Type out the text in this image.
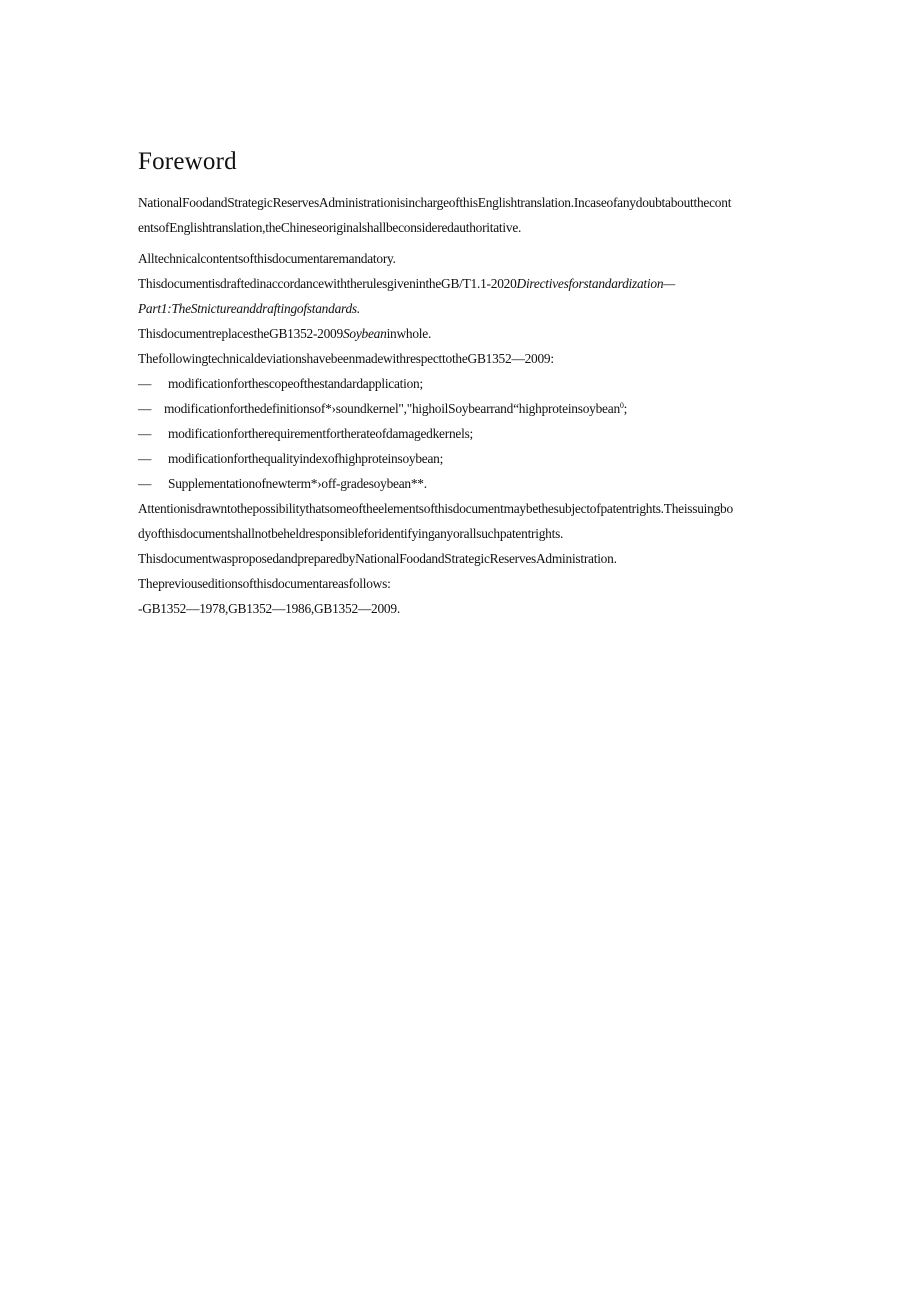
Foreword

NationalFoodandStrategicReservesAdministrationisinchargeofthisEnglishtranslation.Incaseofanydoubtaboutthecont

entsofEnglishtranslation,theChineseoriginalshallbeconsideredauthoritative.

Alltechnicalcontentsofthisdocumentaremandatory.

ThisdocumentisdraftedinaccordancewiththerulesgivenintheGB/T1.1-2020Directivesforstandardization—

Part1:TheStnictureanddraftingofstandards.

ThisdocumentreplacestheGB1352-2009Soybeaninwhole.

ThefollowingtechnicaldeviationshavebeenmadewithrespecttotheGB1352—2009:

— modificationforthescopeofthestandardapplication;

— modificationforthedefinitionsof*›soundkernel","highoilSoybearrand“highproteinsoybean$^0$;

— modificationfortherequirementfortherateofdamagedkernels;

— modificationforthequalityindexofhighproteinsoybean;

— Supplementationofnewterm*›off-gradesoybean**.

Attentionisdrawntothepossibilitythatsomeoftheelementsofthisdocumentmaybethesubjectofpatentrights.Theissuingbo

dyofthisdocumentshallnotbeheldresponsibleforidentifyinganyorallsuchpatentrights.

ThisdocumentwasproposedandpreparedbyNationalFoodandStrategicReservesAdministration.

Thepreviouseditionsofthisdocumentareasfollows:

-GB1352—1978,GB1352—1986,GB1352—2009.
